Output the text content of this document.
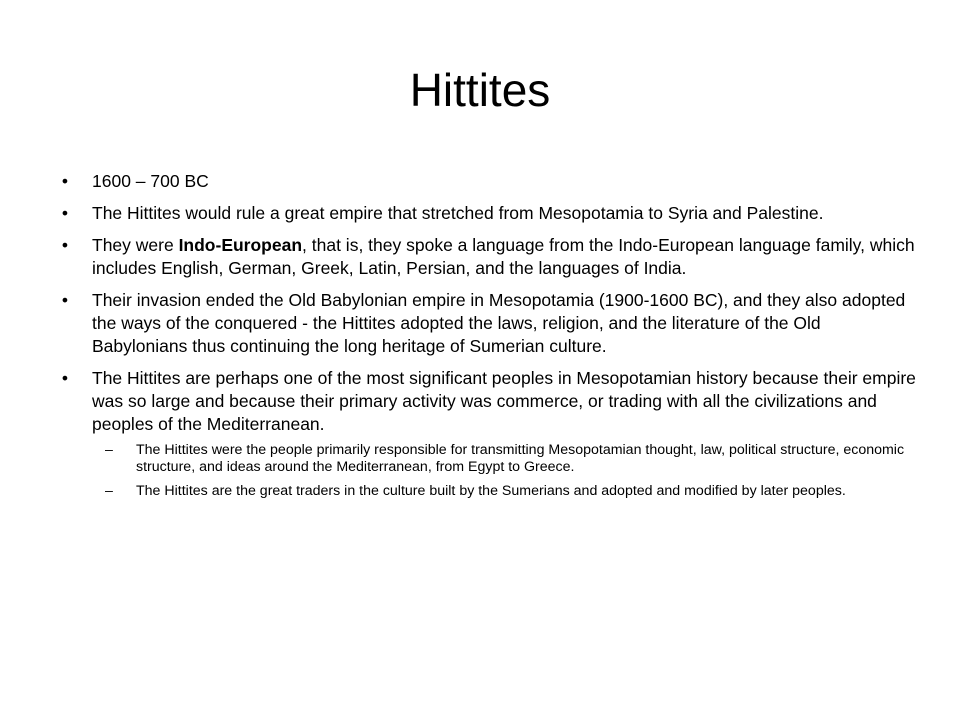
Hittites
• 1600 – 700 BC
• The Hittites would rule a great empire that stretched from Mesopotamia to Syria and Palestine.
• They were Indo-European, that is, they spoke a language from the Indo-European language family, which includes English, German, Greek, Latin, Persian, and the languages of India.
• Their invasion ended the Old Babylonian empire in Mesopotamia (1900-1600 BC), and they also adopted the ways of the conquered - the Hittites adopted the laws, religion, and the literature of the Old Babylonians thus continuing the long heritage of Sumerian culture.
• The Hittites are perhaps one of the most significant peoples in Mesopotamian history because their empire was so large and because their primary activity was commerce, or trading with all the civilizations and peoples of the Mediterranean.
– The Hittites were the people primarily responsible for transmitting Mesopotamian thought, law, political structure, economic structure, and ideas around the Mediterranean, from Egypt to Greece.
– The Hittites are the great traders in the culture built by the Sumerians and adopted and modified by later peoples.
